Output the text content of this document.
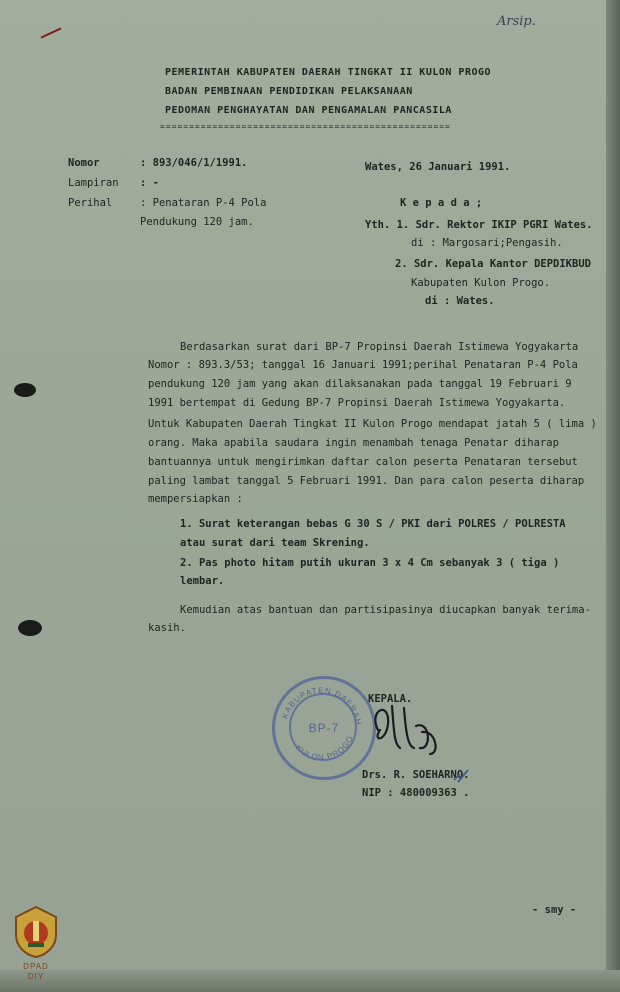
Arsip.
PEMERINTAH KABUPATEN DAERAH TINGKAT II KULON PROGO
BADAN PEMBINAAN PENDIDIKAN PELAKSANAAN
PEDOMAN PENGHAYATAN DAN PENGAMALAN PANCASILA
==================================================
Nomor	: 893/046/1/1991.
Lampiran : -
Perihal	: Penataran P-4 Pola
Pendukung 120 jam.
Wates, 26 Januari 1991.
K e p a d a ;
Yth. 1. Sdr. Rektor IKIP PGRI Wates.
di : Margosari;Pengasih.
2. Sdr. Kepala Kantor DEPDIKBUD
Kabupaten Kulon Progo.
di : Wates.
Berdasarkan surat dari BP-7 Propinsi Daerah Istimewa Yogyakarta
Nomor : 893.3/53; tanggal 16 Januari 1991;perihal Penataran P-4 Pola
pendukung 120 jam yang akan dilaksanakan pada tanggal 19 Februari 9
1991 bertempat di Gedung BP-7 Propinsi Daerah Istimewa Yogyakarta.
Untuk Kabupaten Daerah Tingkat II Kulon Progo mendapat jatah 5 ( lima )
orang. Maka apabila saudara ingin menambah tenaga Penatar diharap
bantuannya untuk mengirimkan daftar calon peserta Penataran tersebut
paling lambat tanggal 5 Februari 1991. Dan para calon peserta diharap
mempersiapkan :
1. Surat keterangan bebas G 30 S / PKI dari POLRES / POLRESTA
atau surat dari team Skrening.
2. Pas photo hitam putih ukuran 3 x 4 Cm sebanyak 3 ( tiga )
lembar.
Kemudian atas bantuan dan partisipasinya diucapkan banyak terima-
kasih.
BP-7
KABUPATEN DAERAH
KULON PROGO
KEPALA.
Drs. R. SOEHARNO.
NIP : 480009363 .
- smy -
DPAD
DIY
